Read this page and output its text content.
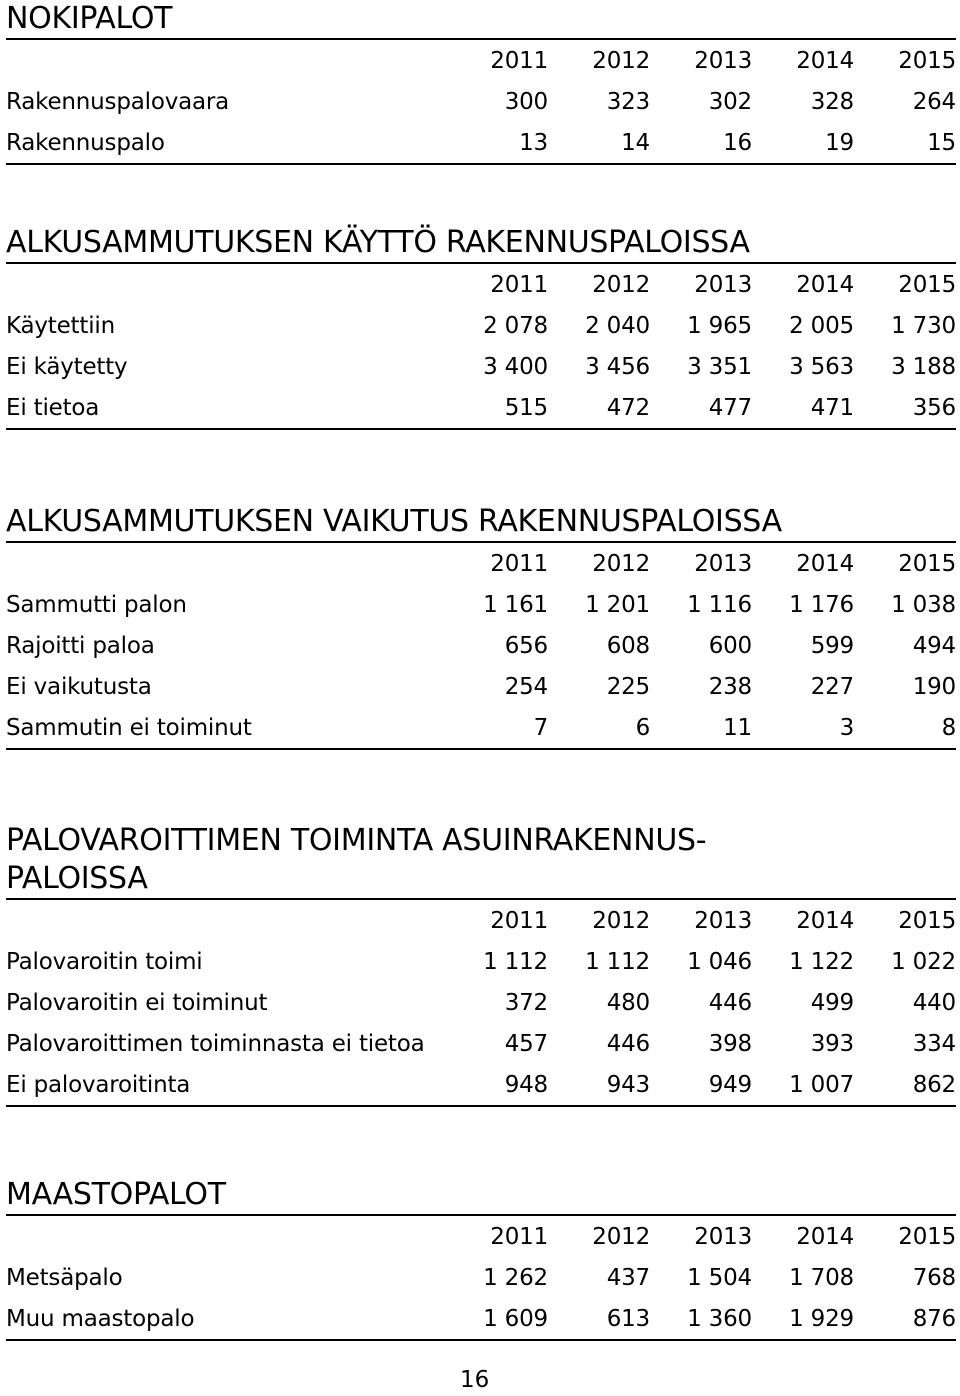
NOKIPALOT
	2011	2012	2013	2014	2015
Rakennuspalovaara	300	323	302	328	264
Rakennuspalo	13	14	16	19	15
ALKUSAMMUTUKSEN KÄYTTÖ RAKENNUSPALOISSA
	2011	2012	2013	2014	2015
Käytettiin	2 078	2 040	1 965	2 005	1 730
Ei käytetty	3 400	3 456	3 351	3 563	3 188
Ei tietoa	515	472	477	471	356
ALKUSAMMUTUKSEN VAIKUTUS RAKENNUSPALOISSA
	2011	2012	2013	2014	2015
Sammutti palon	1 161	1 201	1 116	1 176	1 038
Rajoitti paloa	656	608	600	599	494
Ei vaikutusta	254	225	238	227	190
Sammutin ei toiminut	7	6	11	3	8
PALOVAROITTIMEN TOIMINTA ASUINRAKENNUS-
PALOISSA
	2011	2012	2013	2014	2015
Palovaroitin toimi	1 112	1 112	1 046	1 122	1 022
Palovaroitin ei toiminut	372	480	446	499	440
Palovaroittimen toiminnasta ei tietoa	457	446	398	393	334
Ei palovaroitinta	948	943	949	1 007	862
MAASTOPALOT
	2011	2012	2013	2014	2015
Metsäpalo	1 262	437	1 504	1 708	768
Muu maastopalo	1 609	613	1 360	1 929	876
16
